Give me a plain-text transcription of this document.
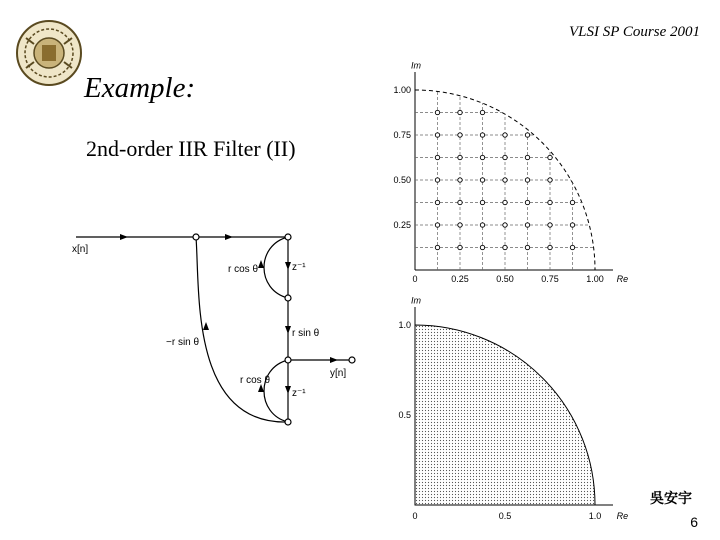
VLSI SP Course 2001
Example:
2nd-order IIR Filter (II)
x[n]
y[n]
r cos θ
r cos θ
r sin θ
−r sin θ
z⁻¹
z⁻¹
0	0.25	0.50	0.75	1.00
0.25
0.50
0.75
1.00
Re
Im
0	0.5	1.0
0.5
1.0
Re
Im
吳安宇
6
